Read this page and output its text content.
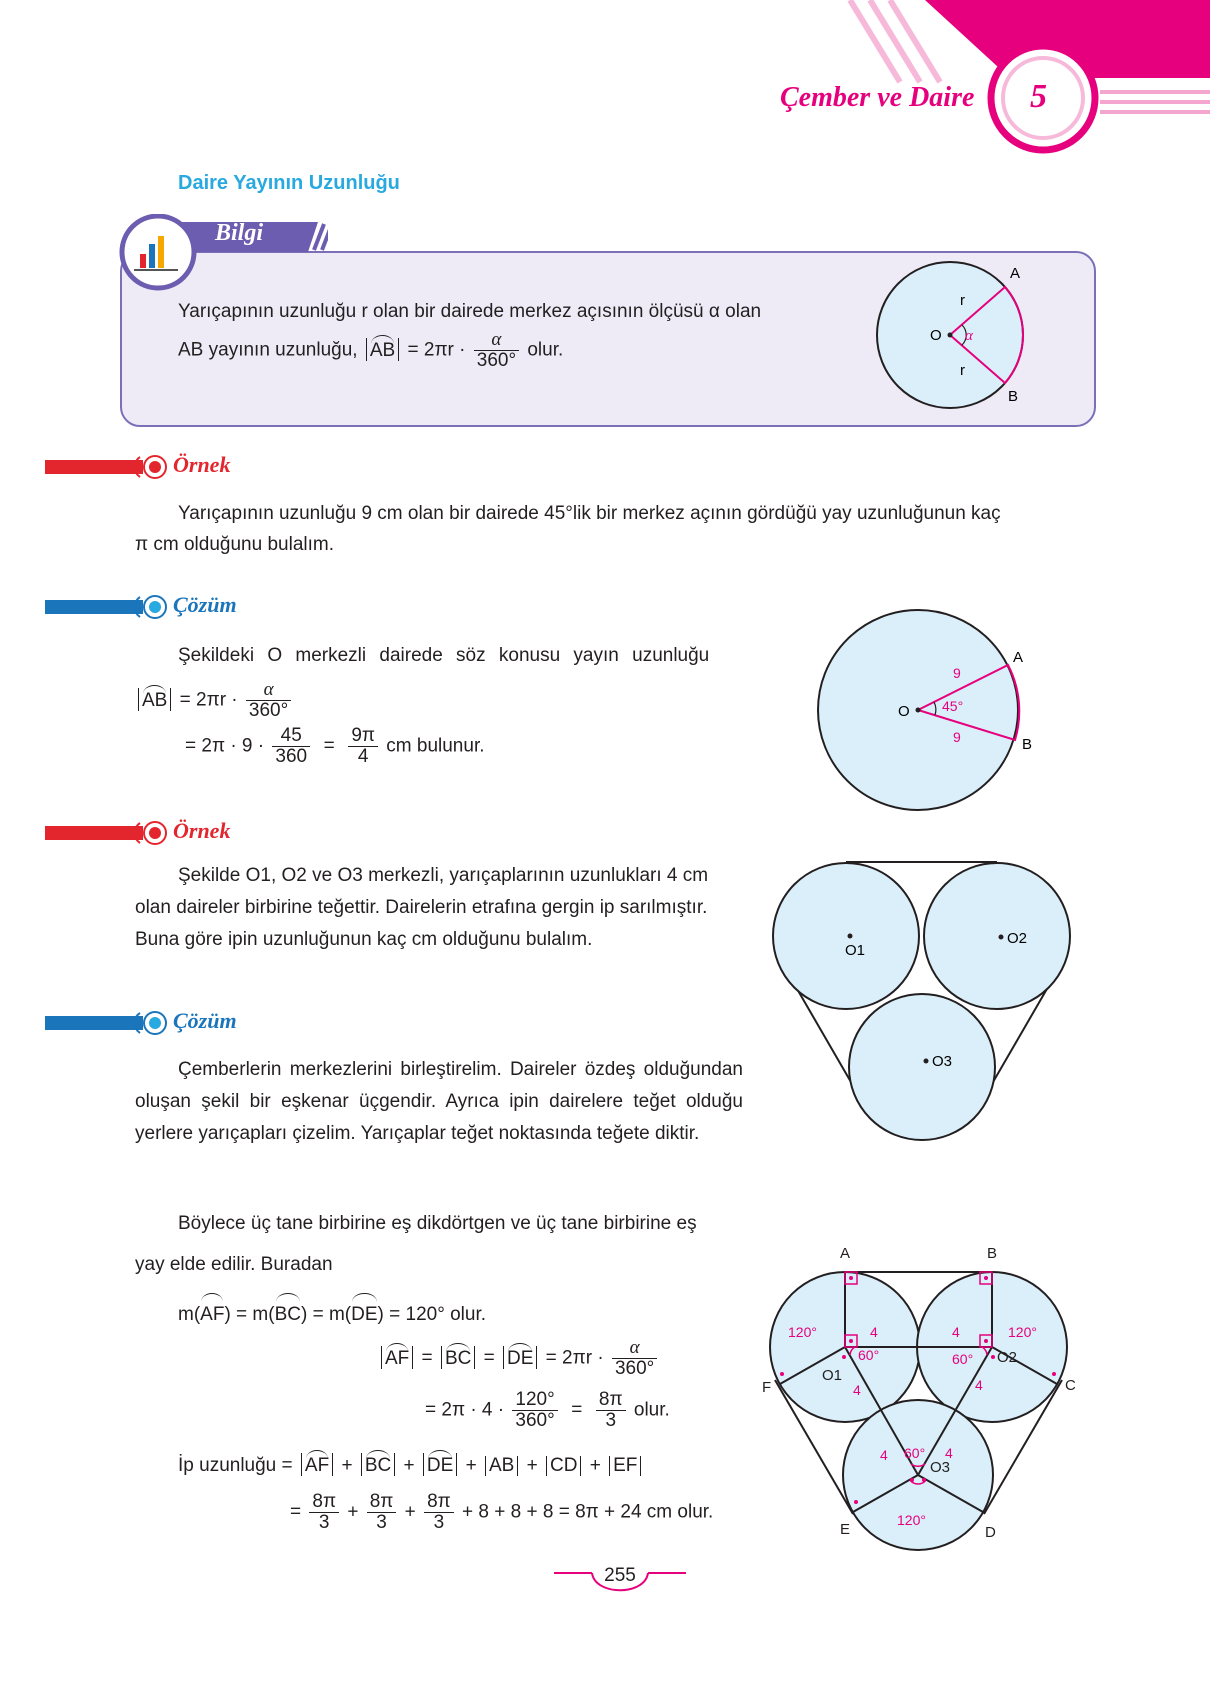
Çember ve Daire 5
Daire Yayının Uzunluğu
Bilgi
Yarıçapının uzunluğu r olan bir dairede merkez açısının ölçüsü α olan
AB yayının uzunluğu, AB = $2\pi r \cdot \frac{\alpha}{360^\circ}$ olur.
O α
r
r
A
B
Örnek
Yarıçapının uzunluğu 9 cm olan bir dairede 45°lik bir merkez açının gördüğü yay uzunluğunun kaç
π cm olduğunu bulalım.
Çözüm
Şekildeki O merkezli dairede söz konusu yayın uzunluğu
AB = $2\pi r \cdot \frac{\alpha}{360^\circ}$
= $2\pi \cdot 9 \cdot \frac{45}{360} = \frac{9\pi}{4}$ cm bulunur.
O 45°
9
9
A
B
Örnek
Şekilde O1, O2 ve O3 merkezli, yarıçaplarının uzunlukları 4 cm olan daireler birbirine teğettir. Dairelerin etrafına gergin ip sarılmıştır. Buna göre ipin uzunluğunun kaç cm olduğunu bulalım.
O1
O2
O3
Çözüm
Çemberlerin merkezlerini birleştirelim. Daireler özdeş olduğundan oluşan şekil bir eşkenar üçgendir. Ayrıca ipin dairelere teğet olduğu yerlere yarıçapları çizelim. Yarıçaplar teğet noktasında teğete diktir.
Böylece üç tane birbirine eş dikdörtgen ve üç tane birbirine eş
yay elde edilir. Buradan
m(AF) = m(BC) = m(DE) = 120° olur.
AF = BC = DE = $2\pi r \cdot \frac{\alpha}{360^\circ}$
= $2\pi \cdot 4 \cdot \frac{120^\circ}{360^\circ} = \frac{8\pi}{3}$ olur.
İp uzunluğu = AF + BC + DE + AB + CD + EF
= $\frac{8\pi}{3} + \frac{8\pi}{3} + \frac{8\pi}{3} + 8 + 8 + 8 = 8\pi + 24$ cm olur.
A	B
C
D
E
F
O1
O2
O3
120°	120°
120°
60°	60°
60°
4	4
4	4
4	4
255
